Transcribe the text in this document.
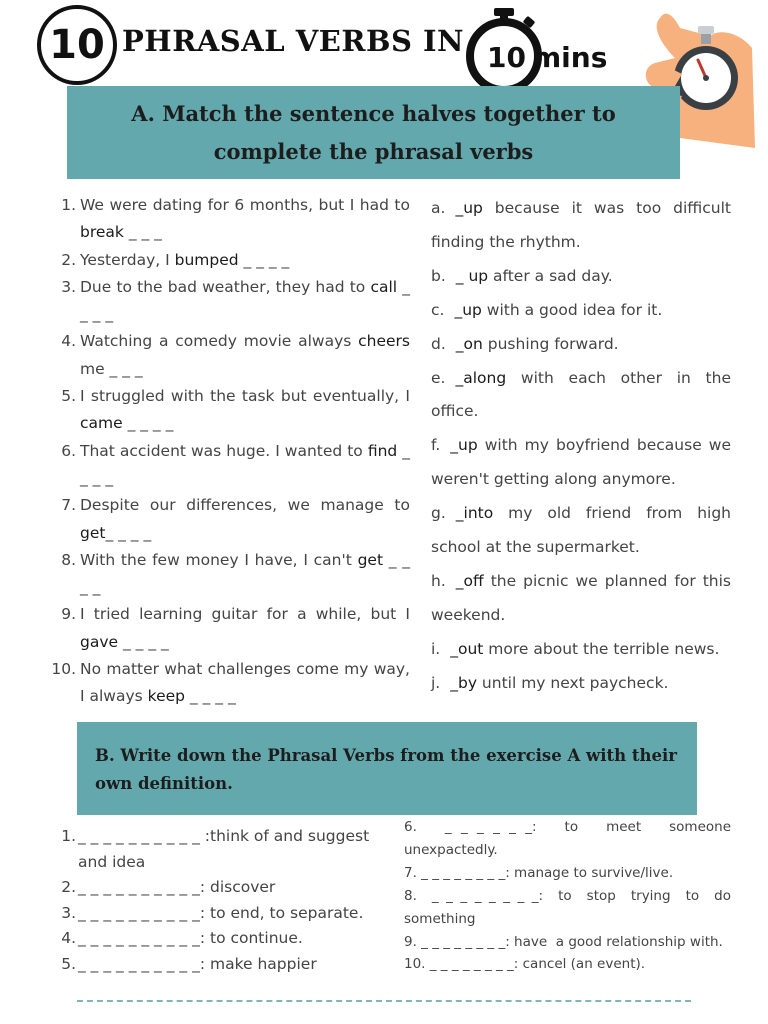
10 PHRASAL VERBS IN 10 mins
A. Match the sentence halves together to
complete the phrasal verbs
1. We were dating for 6 months, but I had to break _ _ _
2. Yesterday, I bumped _ _ _ _
3. Due to the bad weather, they had to call _ _ _ _
4. Watching a comedy movie always cheers me _ _ _
5. I struggled with the task but eventually, I came _ _ _ _
6. That accident was huge. I wanted to find _ _ _ _
7. Despite our differences, we manage to get_ _ _ _
8. With the few money I have, I can't get _ _ _ _
9. I tried learning guitar for a while, but I gave _ _ _ _
10. No matter what challenges come my way, I always keep _ _ _ _
a. _up because it was too difficult finding the rhythm.
b. _ up after a sad day.
c. _up with a good idea for it.
d. _on pushing forward.
e. _along with each other in the office.
f. _up with my boyfriend because we weren't getting along anymore.
g. _into my old friend from high school at the supermarket.
h. _off the picnic we planned for this weekend.
i. _out more about the terrible news.
j. _by until my next paycheck.
B. Write down the Phrasal Verbs from the exercise A with their own definition.
1. _ _ _ _ _ _ _ _ _ _ :think of and suggest and idea
2. _ _ _ _ _ _ _ _ _ _: discover
3. _ _ _ _ _ _ _ _ _ _: to end, to separate.
4. _ _ _ _ _ _ _ _ _ _: to continue.
5. _ _ _ _ _ _ _ _ _ _: make happier
6.   _ _ _ _ _ _:   to   meet   someone unexpactedly.
7. _ _ _ _ _ _ _ _: manage to survive/live.
8.  _ _ _ _ _ _ _ _:  to  stop  trying  to  do something
9. _ _ _ _ _ _ _ _: have  a good relationship with.
10. _ _ _ _ _ _ _ _: cancel (an event).
